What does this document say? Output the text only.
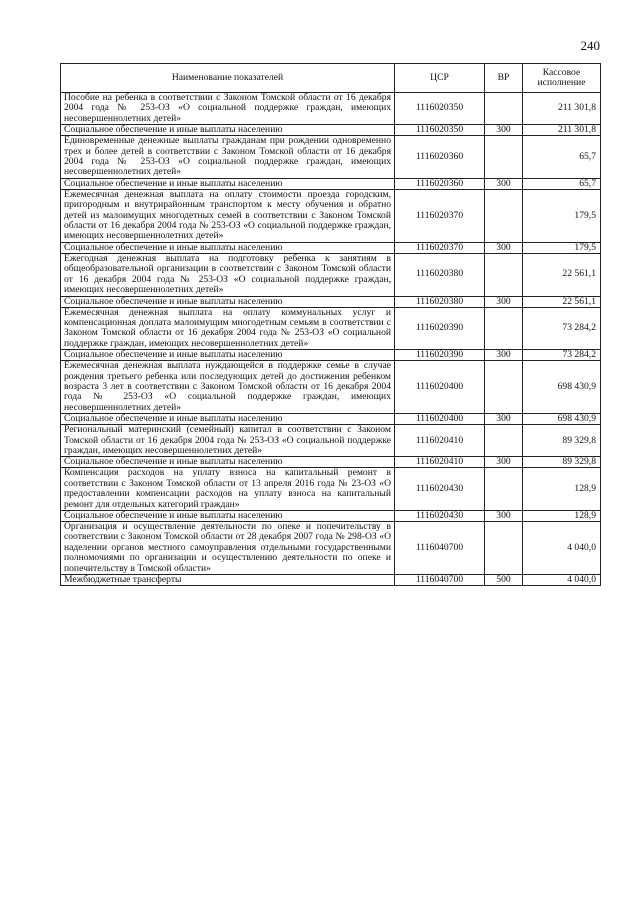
240
Наименование показателей	ЦСР	ВР	Кассовое исполнение
Пособие на ребенка в соответствии с Законом Томской области от 16 декабря 2004 года № 253-ОЗ «О социальной поддержке граждан, имеющих несовершеннолетних детей»	1116020350		211 301,8
Социальное обеспечение и иные выплаты населению	1116020350	300	211 301,8
Единовременные денежные выплаты гражданам при рождении одновременно трех и более детей в соответствии с Законом Томской области от 16 декабря 2004 года № 253-ОЗ «О социальной поддержке граждан, имеющих несовершеннолетних детей»	1116020360		65,7
Социальное обеспечение и иные выплаты населению	1116020360	300	65,7
Ежемесячная денежная выплата на оплату стоимости проезда городским, пригородным и внутрирайонным транспортом к месту обучения и обратно детей из малоимущих многодетных семей в соответствии с Законом Томской области от 16 декабря 2004 года № 253-ОЗ «О социальной поддержке граждан, имеющих несовершеннолетних детей»	1116020370		179,5
Социальное обеспечение и иные выплаты населению	1116020370	300	179,5
Ежегодная денежная выплата на подготовку ребенка к занятиям в общеобразовательной организации в соответствии с Законом Томской области от 16 декабря 2004 года № 253-ОЗ «О социальной поддержке граждан, имеющих несовершеннолетних детей»	1116020380		22 561,1
Социальное обеспечение и иные выплаты населению	1116020380	300	22 561,1
Ежемесячная денежная выплата на оплату коммунальных услуг и компенсационная доплата малоимущим многодетным семьям в соответствии с Законом Томской области от 16 декабря 2004 года № 253-ОЗ «О социальной поддержке граждан, имеющих несовершеннолетних детей»	1116020390		73 284,2
Социальное обеспечение и иные выплаты населению	1116020390	300	73 284,2
Ежемесячная денежная выплата нуждающейся в поддержке семье в случае рождения третьего ребенка или последующих детей до достижения ребенком возраста 3 лет в соответствии с Законом Томской области от 16 декабря 2004 года № 253-ОЗ «О социальной поддержке граждан, имеющих несовершеннолетних детей»	1116020400		698 430,9
Социальное обеспечение и иные выплаты населению	1116020400	300	698 430,9
Региональный материнский (семейный) капитал в соответствии с Законом Томской области от 16 декабря 2004 года № 253-ОЗ «О социальной поддержке граждан, имеющих несовершеннолетних детей»	1116020410		89 329,8
Социальное обеспечение и иные выплаты населению	1116020410	300	89 329,8
Компенсация расходов на уплату взноса на капитальный ремонт в соответствии с Законом Томской области от 13 апреля 2016 года № 23-ОЗ «О предоставлении компенсации расходов на уплату взноса на капитальный ремонт для отдельных категорий граждан»	1116020430		128,9
Социальное обеспечение и иные выплаты населению	1116020430	300	128,9
Организация и осуществление деятельности по опеке и попечительству в соответствии с Законом Томской области от 28 декабря 2007 года № 298-ОЗ «О наделении органов местного самоуправления отдельными государственными полномочиями по организации и осуществлению деятельности по опеке и попечительству в Томской области»	1116040700		4 040,0
Межбюджетные трансферты	1116040700	500	4 040,0
